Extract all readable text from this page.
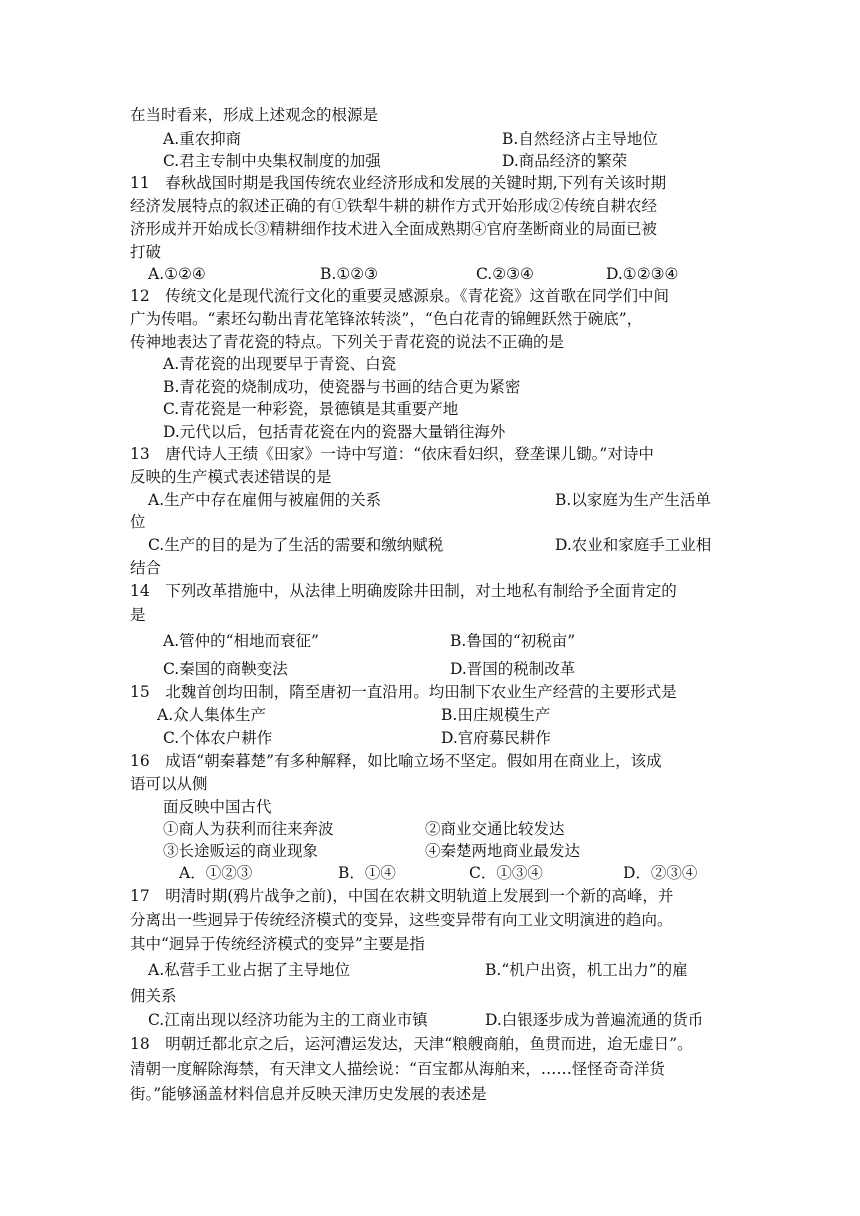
在当时看来，形成上述观念的根源是
A.重农抑商	B.自然经济占主导地位
C.君主专制中央集权制度的加强	D.商品经济的繁荣
11　春秋战国时期是我国传统农业经济形成和发展的关键时期,下列有关该时期
经济发展特点的叙述正确的有①铁犁牛耕的耕作方式开始形成②传统自耕农经
济形成并开始成长③精耕细作技术进入全面成熟期④官府垄断商业的局面已被
打破
A.①②④	B.①②③	C.②③④	D.①②③④
12　传统文化是现代流行文化的重要灵感源泉。《青花瓷》这首歌在同学们中间
广为传唱。“素坯勾勒出青花笔锋浓转淡”，“色白花青的锦鲤跃然于碗底”，
传神地表达了青花瓷的特点。下列关于青花瓷的说法不正确的是
A.青花瓷的出现要早于青瓷、白瓷
B.青花瓷的烧制成功，使瓷器与书画的结合更为紧密
C.青花瓷是一种彩瓷，景德镇是其重要产地
D.元代以后，包括青花瓷在内的瓷器大量销往海外
13　唐代诗人王绩《田家》一诗中写道：“依床看妇织，登垄课儿锄。”对诗中
反映的生产模式表述错误的是
A.生产中存在雇佣与被雇佣的关系	B.以家庭为生产生活单
位
C.生产的目的是为了生活的需要和缴纳赋税	D.农业和家庭手工业相
结合
14　下列改革措施中，从法律上明确废除井田制，对土地私有制给予全面肯定的
是
A.管仲的“相地而衰征”	B.鲁国的“初税亩”
C.秦国的商鞅变法	D.晋国的税制改革
15　北魏首创均田制，隋至唐初一直沿用。均田制下农业生产经营的主要形式是
A.众人集体生产	B.田庄规模生产
C.个体农户耕作	D.官府募民耕作
16　成语“朝秦暮楚”有多种解释，如比喻立场不坚定。假如用在商业上，该成
语可以从侧
面反映中国古代
①商人为获利而往来奔波	②商业交通比较发达
③长途贩运的商业现象	④秦楚两地商业最发达
A．①②③	B．①④	C．①③④	D．②③④
17　明清时期(鸦片战争之前)，中国在农耕文明轨道上发展到一个新的高峰，并
分离出一些迥异于传统经济模式的变异，这些变异带有向工业文明演进的趋向。
其中“迥异于传统经济模式的变异”主要是指
A.私营手工业占据了主导地位	B.“机户出资，机工出力”的雇
佣关系
C.江南出现以经济功能为主的工商业市镇	D.白银逐步成为普遍流通的货币
18　明朝迁都北京之后，运河漕运发达，天津“粮艘商舶，鱼贯而进，迨无虚日”。
清朝一度解除海禁，有天津文人描绘说：“百宝都从海舶来，……怪怪奇奇洋货
街。”能够涵盖材料信息并反映天津历史发展的表述是
